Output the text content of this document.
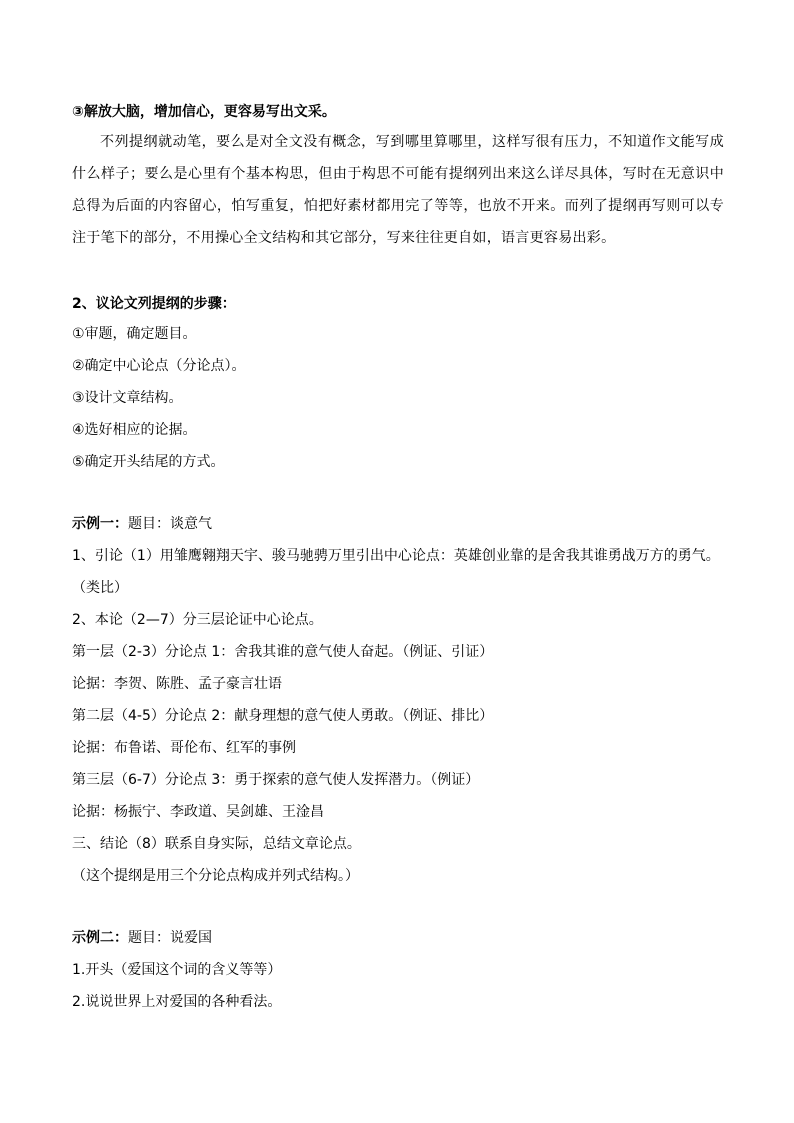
③解放大脑，增加信心，更容易写出文采。
不列提纲就动笔，要么是对全文没有概念，写到哪里算哪里，这样写很有压力，不知道作文能写成什么样子；要么是心里有个基本构思，但由于构思不可能有提纲列出来这么详尽具体，写时在无意识中总得为后面的内容留心，怕写重复，怕把好素材都用完了等等，也放不开来。而列了提纲再写则可以专注于笔下的部分，不用操心全文结构和其它部分，写来往往更自如，语言更容易出彩。
2、议论文列提纲的步骤：
①审题，确定题目。
②确定中心论点（分论点）。
③设计文章结构。
④选好相应的论据。
⑤确定开头结尾的方式。
示例一：题目：谈意气
1、引论（1）用雏鹰翱翔天宇、骏马驰骋万里引出中心论点：英雄创业靠的是舍我其谁勇战万方的勇气。
（类比）
2、本论（2—7）分三层论证中心论点。
第一层（2-3）分论点 1：舍我其谁的意气使人奋起。（例证、引证）
论据：李贺、陈胜、孟子豪言壮语
第二层（4-5）分论点 2：献身理想的意气使人勇敢。（例证、排比）
论据：布鲁诺、哥伦布、红军的事例
第三层（6-7）分论点 3：勇于探索的意气使人发挥潜力。（例证）
论据：杨振宁、李政道、吴剑雄、王淦昌
三、结论（8）联系自身实际，总结文章论点。
（这个提纲是用三个分论点构成并列式结构。）
示例二：题目：说爱国
1.开头（爱国这个词的含义等等）
2.说说世界上对爱国的各种看法。
